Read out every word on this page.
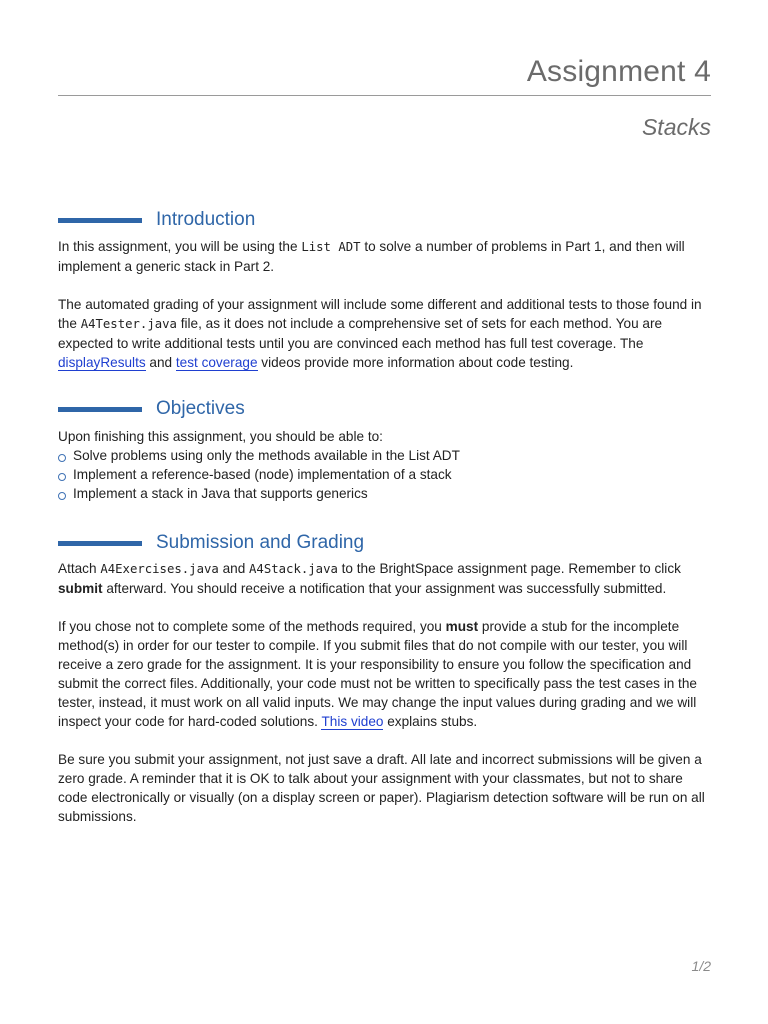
Assignment 4
Stacks
Introduction

In this assignment, you will be using the List ADT to solve a number of problems in Part 1, and then will implement a generic stack in Part 2.

The automated grading of your assignment will include some different and additional tests to those found in the A4Tester.java file, as it does not include a comprehensive set of sets for each method. You are expected to write additional tests until you are convinced each method has full test coverage. The displayResults and test coverage videos provide more information about code testing.

Objectives

Upon finishing this assignment, you should be able to:

Solve problems using only the methods available in the List ADT
Implement a reference-based (node) implementation of a stack
Implement a stack in Java that supports generics
Submission and Grading

Attach A4Exercises.java and A4Stack.java to the BrightSpace assignment page. Remember to click submit afterward. You should receive a notification that your assignment was successfully submitted.

If you chose not to complete some of the methods required, you must provide a stub for the incomplete method(s) in order for our tester to compile. If you submit files that do not compile with our tester, you will receive a zero grade for the assignment. It is your responsibility to ensure you follow the specification and submit the correct files. Additionally, your code must not be written to specifically pass the test cases in the tester, instead, it must work on all valid inputs. We may change the input values during grading and we will inspect your code for hard-coded solutions. This video explains stubs.

Be sure you submit your assignment, not just save a draft. All late and incorrect submissions will be given a zero grade. A reminder that it is OK to talk about your assignment with your classmates, but not to share code electronically or visually (on a display screen or paper). Plagiarism detection software will be run on all submissions.

1/2
